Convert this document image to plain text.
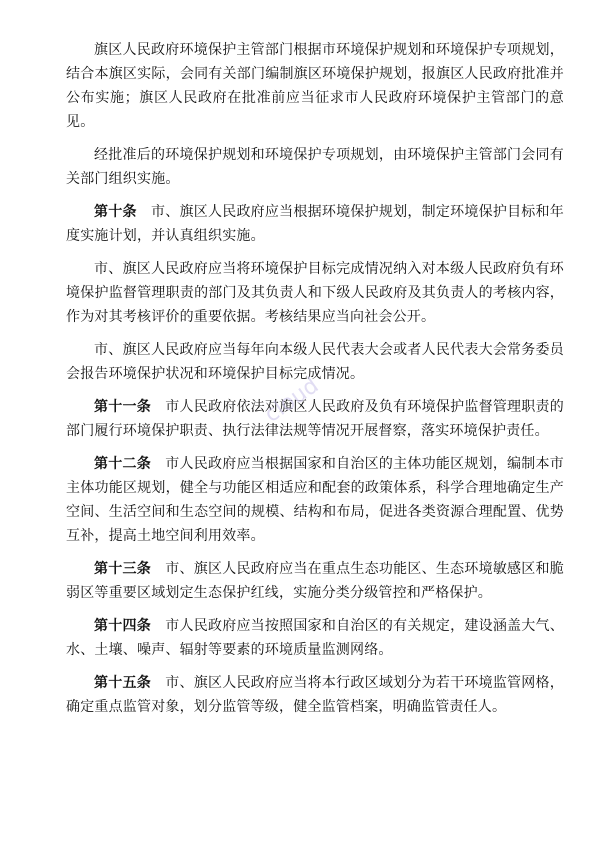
旗区人民政府环境保护主管部门根据市环境保护规划和环境保护专项规划，结合本旗区实际，会同有关部门编制旗区环境保护规划，报旗区人民政府批准并公布实施；旗区人民政府在批准前应当征求市人民政府环境保护主管部门的意见。

经批准后的环境保护规划和环境保护专项规划，由环境保护主管部门会同有关部门组织实施。

第十条　市、旗区人民政府应当根据环境保护规划，制定环境保护目标和年度实施计划，并认真组织实施。

市、旗区人民政府应当将环境保护目标完成情况纳入对本级人民政府负有环境保护监督管理职责的部门及其负责人和下级人民政府及其负责人的考核内容，作为对其考核评价的重要依据。考核结果应当向社会公开。

市、旗区人民政府应当每年向本级人民代表大会或者人民代表大会常务委员会报告环境保护状况和环境保护目标完成情况。

第十一条　市人民政府依法对旗区人民政府及负有环境保护监督管理职责的部门履行环境保护职责、执行法律法规等情况开展督察，落实环境保护责任。

第十二条　市人民政府应当根据国家和自治区的主体功能区规划，编制本市主体功能区规划，健全与功能区相适应和配套的政策体系，科学合理地确定生产空间、生活空间和生态空间的规模、结构和布局，促进各类资源合理配置、优势互补，提高土地空间利用效率。

第十三条　市、旗区人民政府应当在重点生态功能区、生态环境敏感区和脆弱区等重要区域划定生态保护红线，实施分类分级管控和严格保护。

第十四条　市人民政府应当按照国家和自治区的有关规定，建设涵盖大气、水、土壤、噪声、辐射等要素的环境质量监测网络。

第十五条　市、旗区人民政府应当将本行政区域划分为若干环境监管网格，确定重点监管对象，划分监管等级，健全监管档案，明确监管责任人。

cloud
